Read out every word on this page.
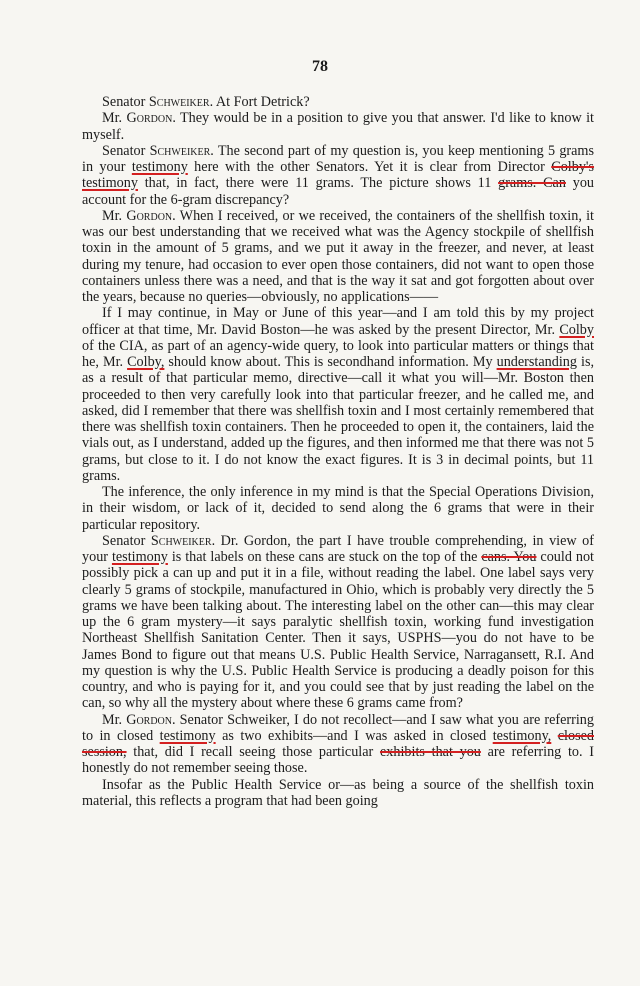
78

Senator Schweiker. At Fort Detrick?

Mr. Gordon. They would be in a position to give you that answer. I'd like to know it myself.

Senator Schweiker. The second part of my question is, you keep mentioning 5 grams in your testimony here with the other Senators. Yet it is clear from Director Colby's testimony that, in fact, there were 11 grams. The picture shows 11 grams. Can you account for the 6-gram discrepancy?

Mr. Gordon. When I received, or we received, the containers of the shellfish toxin, it was our best understanding that we received what was the Agency stockpile of shellfish toxin in the amount of 5 grams, and we put it away in the freezer, and never, at least during my tenure, had occasion to ever open those containers, did not want to open those containers unless there was a need, and that is the way it sat and got forgotten about over the years, because no queries—obviously, no applications——

If I may continue, in May or June of this year—and I am told this by my project officer at that time, Mr. David Boston—he was asked by the present Director, Mr. Colby of the CIA, as part of an agency-wide query, to look into particular matters or things that he, Mr. Colby, should know about. This is secondhand information. My understanding is, as a result of that particular memo, directive—call it what you will—Mr. Boston then proceeded to then very carefully look into that particular freezer, and he called me, and asked, did I remember that there was shellfish toxin and I most certainly remembered that there was shellfish toxin containers. Then he proceeded to open it, the containers, laid the vials out, as I understand, added up the figures, and then informed me that there was not 5 grams, but close to it. I do not know the exact figures. It is 3 in decimal points, but 11 grams.

The inference, the only inference in my mind is that the Special Operations Division, in their wisdom, or lack of it, decided to send along the 6 grams that were in their particular repository.

Senator Schweiker. Dr. Gordon, the part I have trouble comprehending, in view of your testimony is that labels on these cans are stuck on the top of the cans. You could not possibly pick a can up and put it in a file, without reading the label. One label says very clearly 5 grams of stockpile, manufactured in Ohio, which is probably very directly the 5 grams we have been talking about. The interesting label on the other can—this may clear up the 6 gram mystery—it says paralytic shellfish toxin, working fund investigation Northeast Shellfish Sanitation Center. Then it says, USPHS—you do not have to be James Bond to figure out that means U.S. Public Health Service, Narragansett, R.I. And my question is why the U.S. Public Health Service is producing a deadly poison for this country, and who is paying for it, and you could see that by just reading the label on the can, so why all the mystery about where these 6 grams came from?

Mr. Gordon. Senator Schweiker, I do not recollect—and I saw what you are referring to in closed testimony as two exhibits—and I was asked in closed testimony, closed session, that, did I recall seeing those particular exhibits that you are referring to. I honestly do not remember seeing those.

Insofar as the Public Health Service or—as being a source of the shellfish toxin material, this reflects a program that had been going
